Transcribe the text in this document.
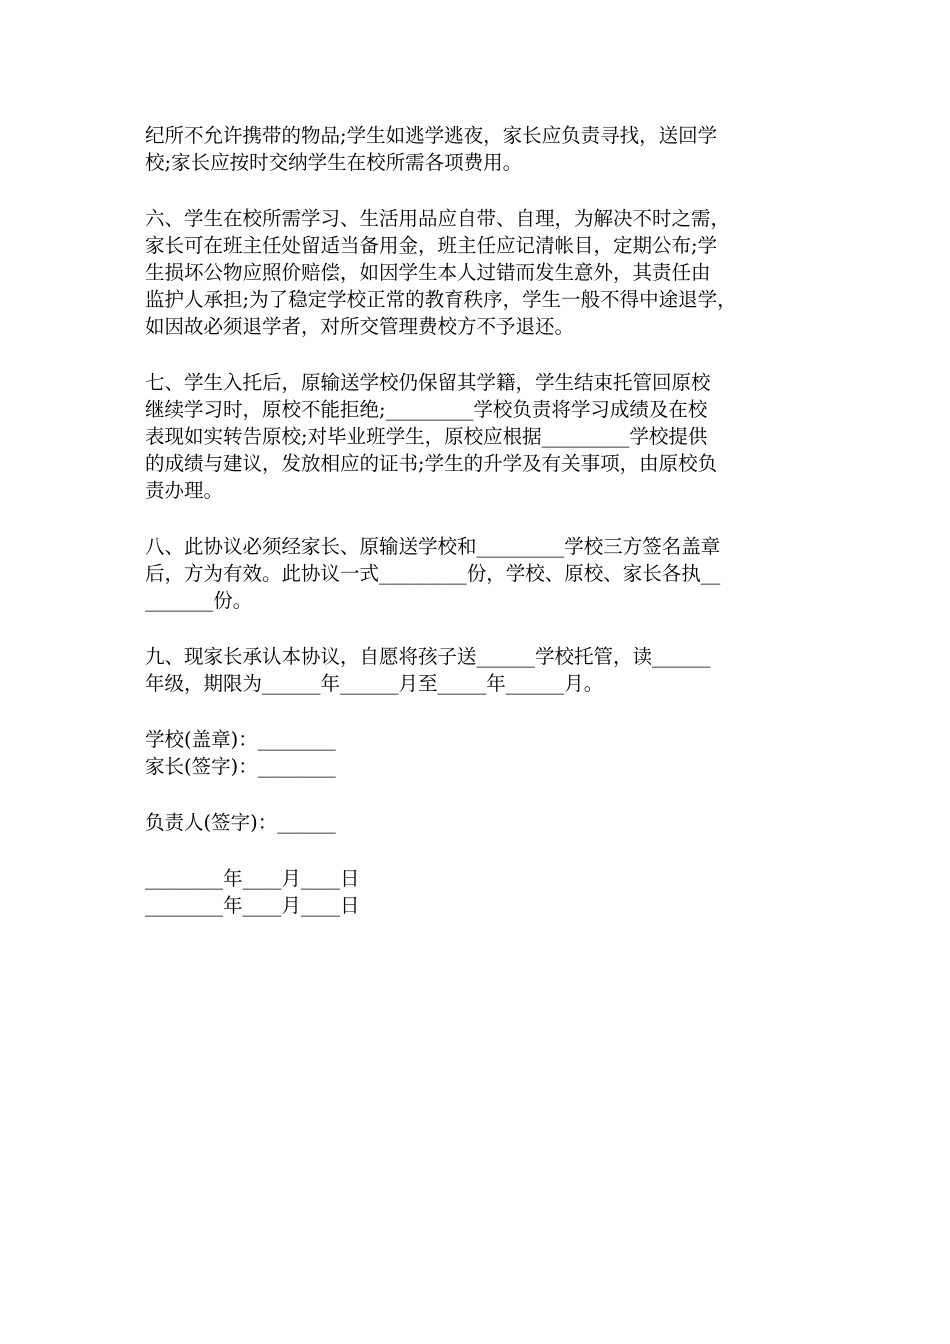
纪所不允许携带的物品;学生如逃学逃夜，家长应负责寻找，送回学
校;家长应按时交纳学生在校所需各项费用。
六、学生在校所需学习、生活用品应自带、自理，为解决不时之需，
家长可在班主任处留适当备用金，班主任应记清帐目，定期公布;学
生损坏公物应照价赔偿，如因学生本人过错而发生意外，其责任由
监护人承担;为了稳定学校正常的教育秩序，学生一般不得中途退学，
如因故必须退学者，对所交管理费校方不予退还。
七、学生入托后，原输送学校仍保留其学籍，学生结束托管回原校
继续学习时，原校不能拒绝;_________学校负责将学习成绩及在校
表现如实转告原校;对毕业班学生，原校应根据_________学校提供
的成绩与建议，发放相应的证书;学生的升学及有关事项，由原校负
责办理。
八、此协议必须经家长、原输送学校和_________学校三方签名盖章
后，方为有效。此协议一式_________份，学校、原校、家长各执__
_______份。
九、现家长承认本协议，自愿将孩子送______学校托管，读______
年级，期限为______年______月至_____年______月。
学校(盖章)：________
家长(签字)：________
负责人(签字)：______
________年____月____日
________年____月____日
